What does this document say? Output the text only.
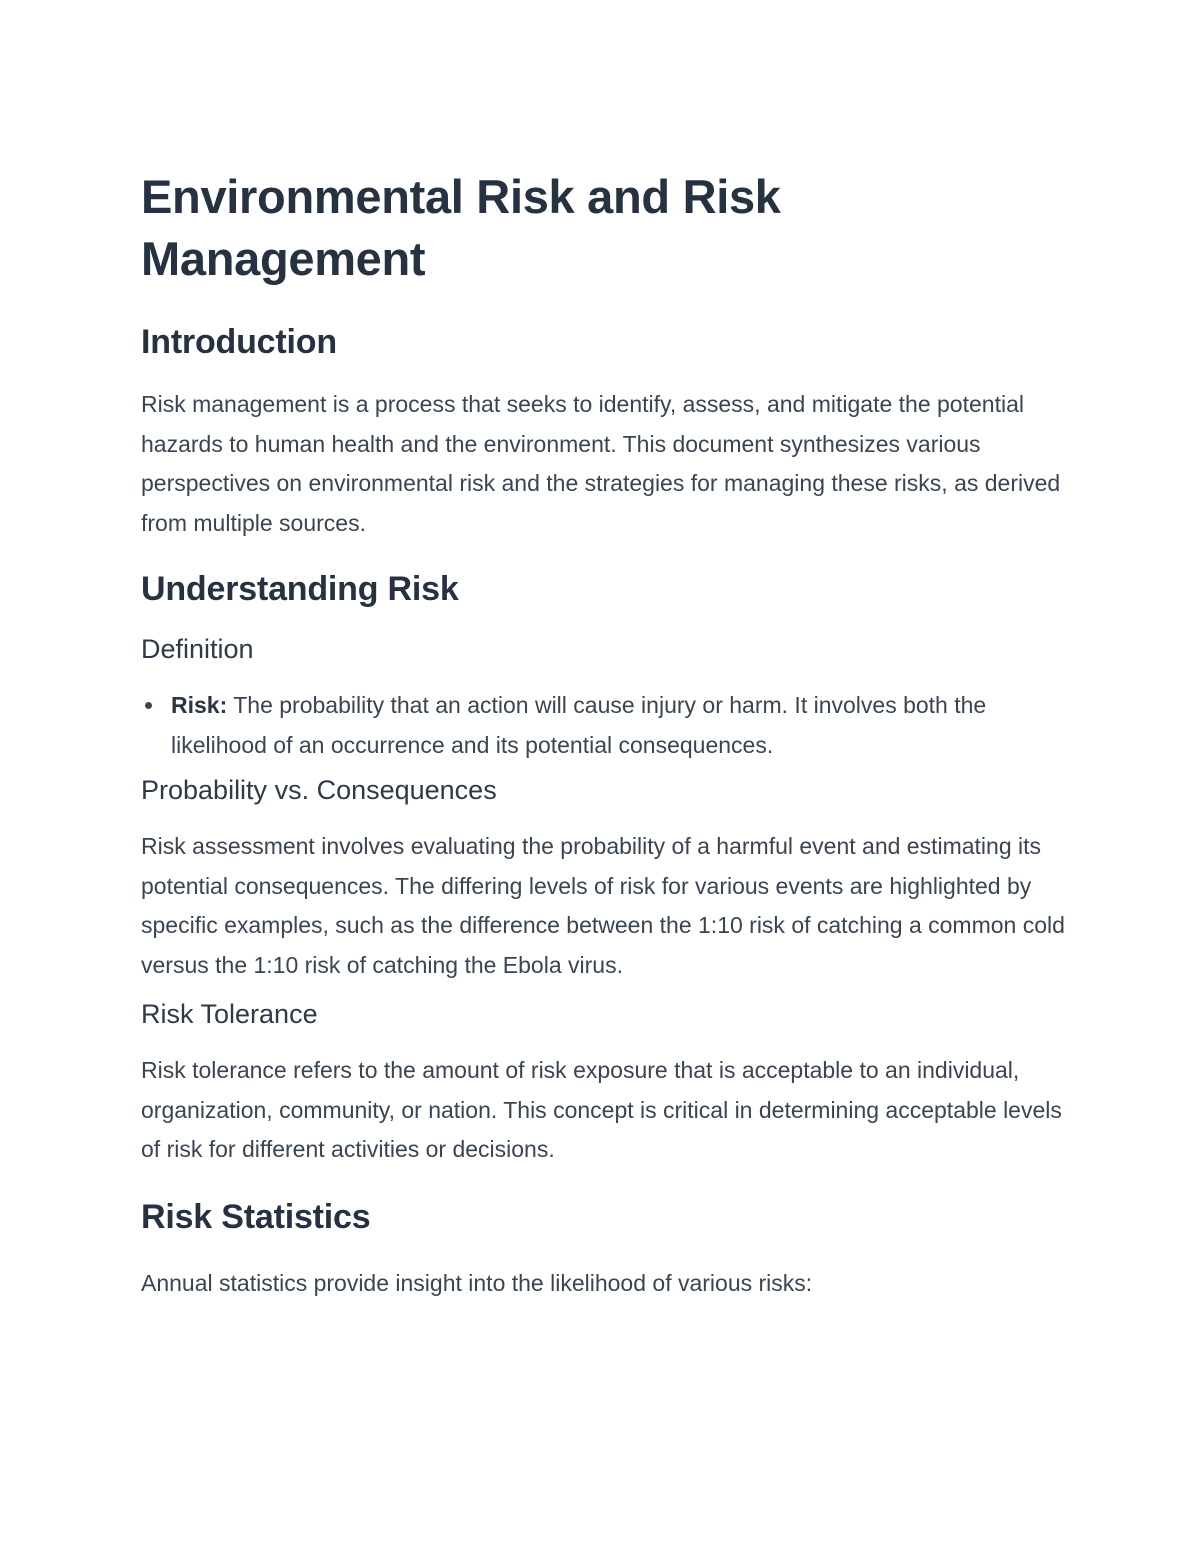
Environmental Risk and Risk Management
Introduction

Risk management is a process that seeks to identify, assess, and mitigate the potential hazards to human health and the environment. This document synthesizes various perspectives on environmental risk and the strategies for managing these risks, as derived from multiple sources.

Understanding Risk
Definition
Risk: The probability that an action will cause injury or harm. It involves both the likelihood of an occurrence and its potential consequences.
Probability vs. Consequences

Risk assessment involves evaluating the probability of a harmful event and estimating its potential consequences. The differing levels of risk for various events are highlighted by specific examples, such as the difference between the 1:10 risk of catching a common cold versus the 1:10 risk of catching the Ebola virus.

Risk Tolerance

Risk tolerance refers to the amount of risk exposure that is acceptable to an individual, organization, community, or nation. This concept is critical in determining acceptable levels of risk for different activities or decisions.

Risk Statistics

Annual statistics provide insight into the likelihood of various risks:
